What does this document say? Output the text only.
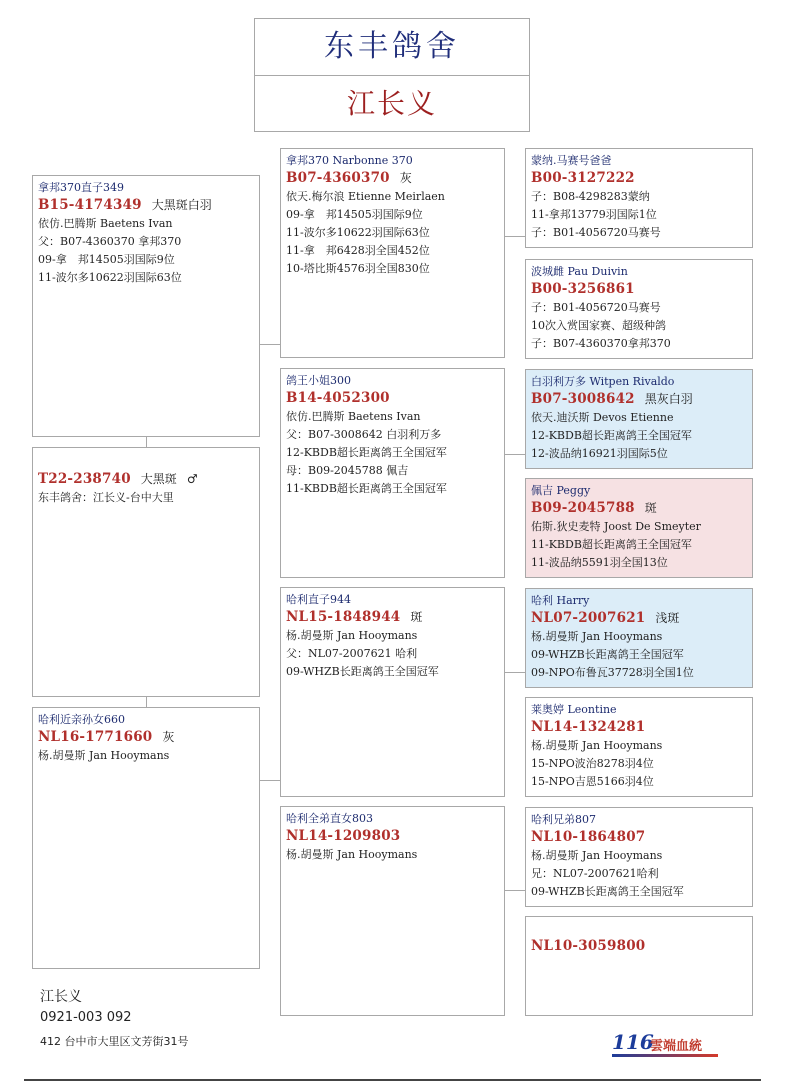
东丰鸽舍
江长义
拿邦370直子349
B15-4174349 大黑斑白羽
依仿.巴腾斯 Baetens Ivan
父：B07-4360370 拿邦370
09-拿　邦14505羽国际9位
11-波尔多10622羽国际63位
T22-238740 大黑斑 ♂
东丰鸽舍：江长义-台中大里
哈利近亲孙女660
NL16-1771660 灰
杨.胡曼斯 Jan Hooymans
拿邦370 Narbonne 370
B07-4360370 灰
依天.梅尔浪 Etienne Meirlaen
09-拿　邦14505羽国际9位
11-波尔多10622羽国际63位
11-拿　邦6428羽全国452位
10-塔比斯4576羽全国830位
鸽王小姐300
B14-4052300
依仿.巴腾斯 Baetens Ivan
父：B07-3008642 白羽利万多
12-KBDB超长距离鸽王全国冠军
母：B09-2045788 佩吉
11-KBDB超长距离鸽王全国冠军
哈利直子944
NL15-1848944 斑
杨.胡曼斯 Jan Hooymans
父：NL07-2007621 哈利
09-WHZB长距离鸽王全国冠军
哈利全弟直女803
NL14-1209803
杨.胡曼斯 Jan Hooymans
蒙纳.马赛号爸爸
B00-3127222
子：B08-4298283蒙纳
11-拿邦13779羽国际1位
子：B01-4056720马赛号
波城雌 Pau Duivin
B00-3256861
子：B01-4056720马赛号
10次入赏国家赛、超级种鸽
子：B07-4360370拿邦370
白羽利万多 Witpen Rivaldo
B07-3008642 黑灰白羽
依天.迪沃斯 Devos Etienne
12-KBDB超长距离鸽王全国冠军
12-波品纳16921羽国际5位
佩吉 Peggy
B09-2045788 斑
佑斯.狄史麦特 Joost De Smeyter
11-KBDB超长距离鸽王全国冠军
11-波品纳5591羽全国13位
哈利 Harry
NL07-2007621 浅斑
杨.胡曼斯 Jan Hooymans
09-WHZB长距离鸽王全国冠军
09-NPO布鲁瓦37728羽全国1位
莱奥婷 Leontine
NL14-1324281
杨.胡曼斯 Jan Hooymans
15-NPO波治8278羽4位
15-NPO吉恩5166羽4位
哈利兄弟807
NL10-1864807
杨.胡曼斯 Jan Hooymans
兄：NL07-2007621哈利
09-WHZB长距离鸽王全国冠军
NL10-3059800
江长义
0921-003 092
412 台中市大里区文芳街31号	116
雲端血統
